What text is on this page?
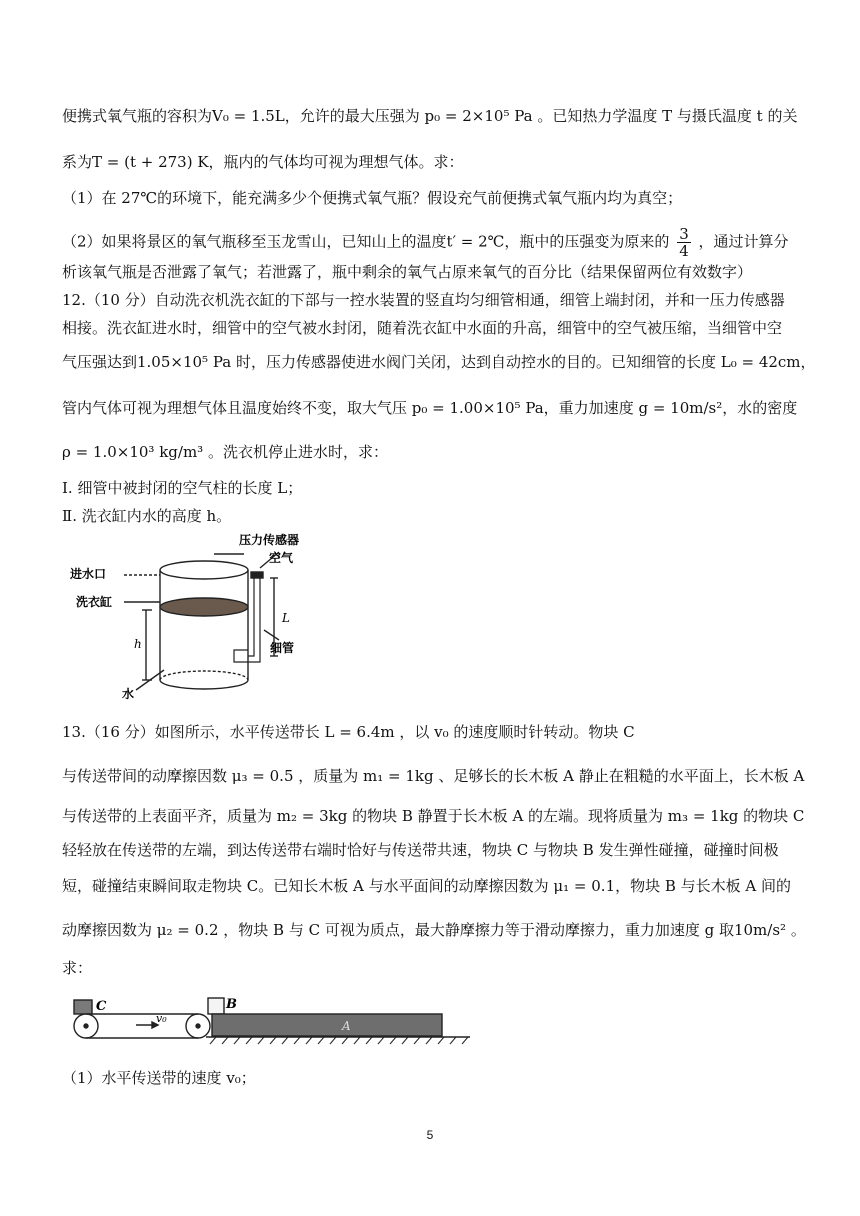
便携式氧气瓶的容积为V₀ = 1.5L，允许的最大压强为 p₀ = 2×10⁵ Pa 。已知热力学温度 T 与摄氏温度 t 的关
系为T = (t + 273) K，瓶内的气体均可视为理想气体。求：
（1）在 27℃的环境下，能充满多少个便携式氧气瓶？假设充气前便携式氧气瓶内均为真空；
（2）如果将景区的氧气瓶移至玉龙雪山，已知山上的温度t′ = 2℃，瓶中的压强变为原来的 $\frac{3}{4}$ ，通过计算分
析该氧气瓶是否泄露了氧气；若泄露了，瓶中剩余的氧气占原来氧气的百分比（结果保留两位有效数字）
12.（10 分）自动洗衣机洗衣缸的下部与一控水装置的竖直均匀细管相通，细管上端封闭，并和一压力传感器
相接。洗衣缸进水时，细管中的空气被水封闭，随着洗衣缸中水面的升高，细管中的空气被压缩，当细管中空
气压强达到1.05×10⁵ Pa 时，压力传感器使进水阀门关闭，达到自动控水的目的。已知细管的长度 L₀ = 42cm，
管内气体可视为理想气体且温度始终不变，取大气压 p₀ = 1.00×10⁵ Pa，重力加速度 g = 10m/s²，水的密度
ρ = 1.0×10³ kg/m³ 。洗衣机停止进水时，求：
Ⅰ. 细管中被封闭的空气柱的长度 L；
Ⅱ. 洗衣缸内水的高度 h。
压力传感器
空气
进水口
洗衣缸
L
h	细管
水
13.（16 分）如图所示，水平传送带长 L = 6.4m ，以 v₀ 的速度顺时针转动。物块 C
与传送带间的动摩擦因数 μ₃ = 0.5 ，质量为 m₁ = 1kg 、足够长的长木板 A 静止在粗糙的水平面上，长木板 A
与传送带的上表面平齐，质量为 m₂ = 3kg 的物块 B 静置于长木板 A 的左端。现将质量为 m₃ = 1kg 的物块 C
轻轻放在传送带的左端，到达传送带右端时恰好与传送带共速，物块 C 与物块 B 发生弹性碰撞，碰撞时间极
短，碰撞结束瞬间取走物块 C。已知长木板 A 与水平面间的动摩擦因数为 μ₁ = 0.1，物块 B 与长木板 A 间的
动摩擦因数为 μ₂ = 0.2 ，物块 B 与 C 可视为质点，最大静摩擦力等于滑动摩擦力，重力加速度 g 取10m/s² 。
求：
C	B
A
v₀
（1）水平传送带的速度 v₀；
5
